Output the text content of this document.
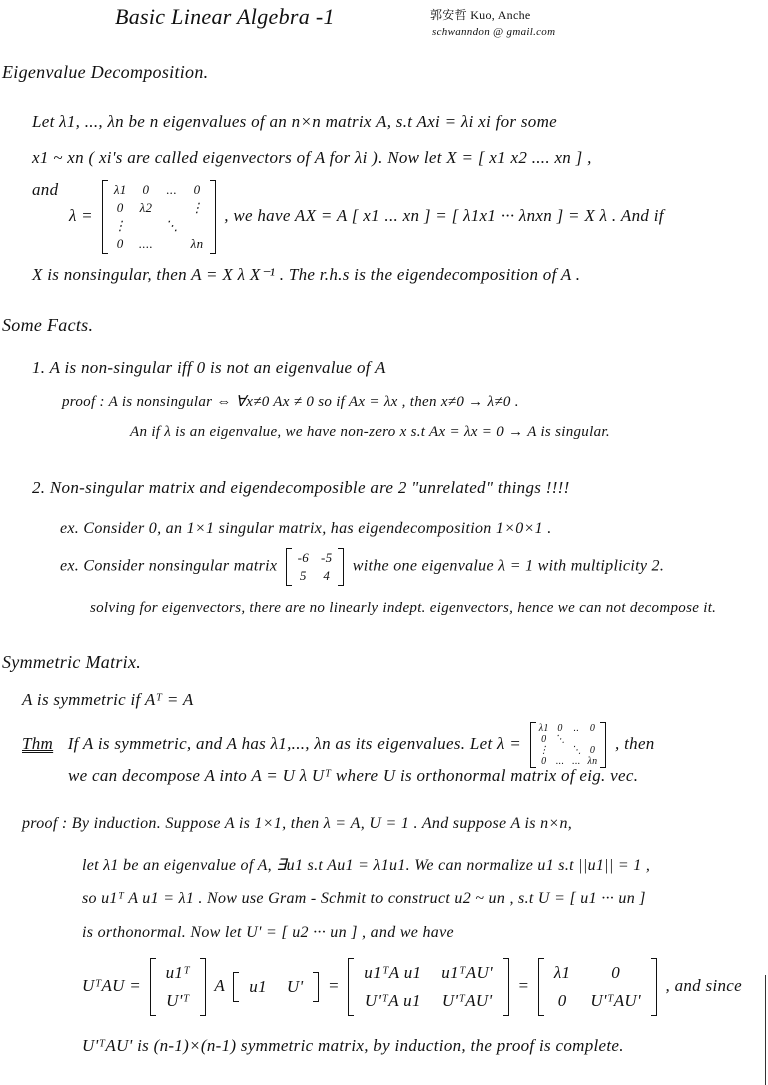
Basic Linear Algebra -1	郭安哲 Kuo, Anche
schwanndon @ gmail.com
Eigenvalue Decomposition.
Let λ1, ..., λn be n eigenvalues of an n×n matrix A, s.t Axi = λi xi for some
x1 ~ xn ( xi's are called eigenvectors of A for λi ). Now let X = [ x1 x2 .... xn ] ,
and λ =
λ1	0	...	0
0	λ2		⋮
⋮		⋱	
0	....		λn
, we have AX = A [ x1 ... xn ] = [ λ1x1 ··· λnxn ] = X λ . And if
X is nonsingular, then A = X λ X⁻¹ . The r.h.s is the eigendecomposition of A .
Some Facts.
1. A is non-singular iff 0 is not an eigenvalue of A
proof : A is nonsingular ⇔ ∀x≠0 Ax ≠ 0 so if Ax = λx , then x≠0 → λ≠0 .
An if λ is an eigenvalue, we have non-zero x s.t Ax = λx = 0 → A is singular.
2. Non-singular matrix and eigendecomposible are 2 "unrelated" things !!!!
ex. Consider 0, an 1×1 singular matrix, has eigendecomposition 1×0×1 .
ex. Consider nonsingular matrix
-6	-5
5	4
withe one eigenvalue λ = 1 with multiplicity 2.
solving for eigenvectors, there are no linearly indept. eigenvectors, hence we can not decompose it.
Symmetric Matrix.
A is symmetric if Aᵀ = A
Thm If A is symmetric, and A has λ1,..., λn as its eigenvalues. Let λ =
λ1	0	..	0
0	⋱		
⋮		⋱	0
0	...	...	λn
, then
we can decompose A into A = U λ Uᵀ where U is orthonormal matrix of eig. vec.
proof : By induction. Suppose A is 1×1, then λ = A, U = 1 . And suppose A is n×n,
let λ1 be an eigenvalue of A, ∃u1 s.t Au1 = λ1u1. We can normalize u1 s.t ||u1|| = 1 ,
so u1ᵀ A u1 = λ1 . Now use Gram - Schmit to construct u2 ~ un , s.t U = [ u1 ··· un ]
is orthonormal. Now let U' = [ u2 ··· un ] , and we have
UᵀAU =
u1ᵀ
U'ᵀ
A u1	U' =
u1ᵀA u1	u1ᵀAU'
U'ᵀA u1	U'ᵀAU'
=
λ1	0
0	U'ᵀAU'
, and since
U'ᵀAU' is (n-1)×(n-1) symmetric matrix, by induction, the proof is complete.
